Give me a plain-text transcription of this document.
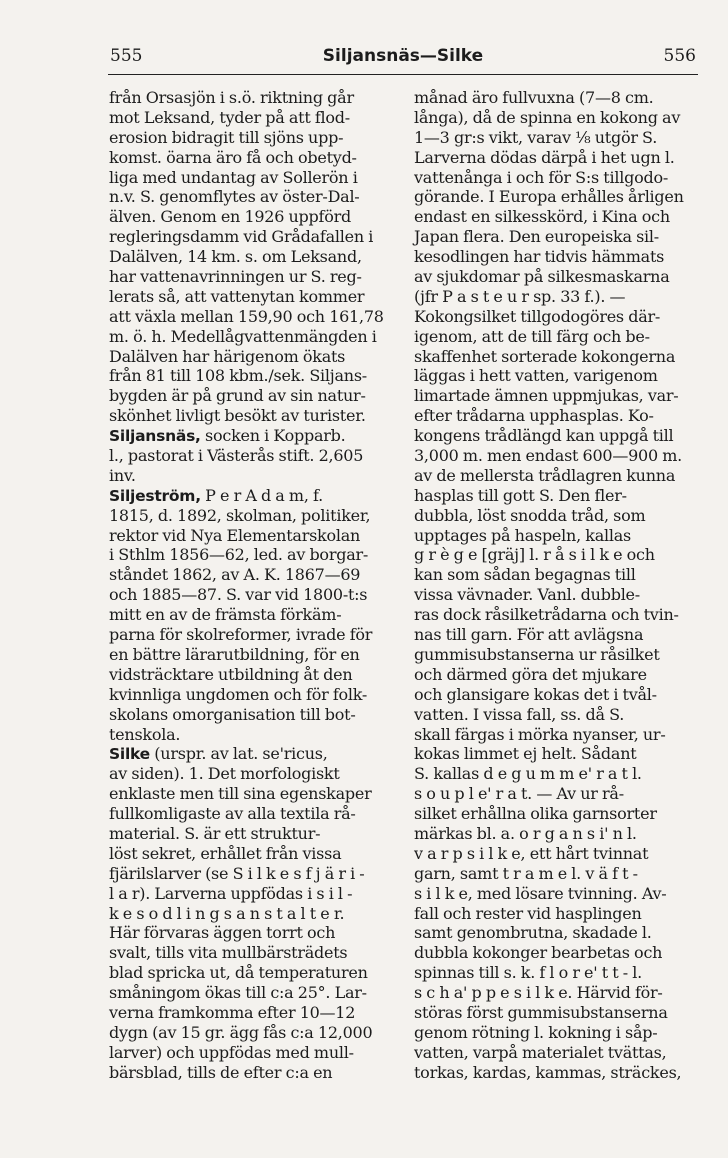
555	Siljansnäs—Silke	556
från Orsasjön i s.ö. riktning går
mot Leksand, tyder på att flod-
erosion bidragit till sjöns upp-
komst. öarna äro få och obetyd-
liga med undantag av Sollerön i
n.v. S. genomflytes av öster-Dal-
älven. Genom en 1926 uppförd
regleringsdamm vid Grådafallen i
Dalälven, 14 km. s. om Leksand,
har vattenavrinningen ur S. reg-
lerats så, att vattenytan kommer
att växla mellan 159,90 och 161,78
m. ö. h. Medellågvattenmängden i
Dalälven har härigenom ökats
från 81 till 108 kbm./sek. Siljans-
bygden är på grund av sin natur-
skönhet livligt besökt av turister.
Siljansnäs, socken i Kopparb.
l., pastorat i Västerås stift. 2,605
inv.
Siljeström, P e r A d a m, f.
1815, d. 1892, skolman, politiker,
rektor vid Nya Elementarskolan
i Sthlm 1856—62, led. av borgar-
ståndet 1862, av A. K. 1867—69
och 1885—87. S. var vid 1800-t:s
mitt en av de främsta förkäm-
parna för skolreformer, ivrade för
en bättre lärarutbildning, för en
vidsträcktare utbildning åt den
kvinnliga ungdomen och för folk-
skolans omorganisation till bot-
tenskola.
Silke (urspr. av lat. se'ricus,
av siden). 1. Det morfologiskt
enklaste men till sina egenskaper
fullkomligaste av alla textila rå-
material. S. är ett struktur-
löst sekret, erhållet från vissa
fjärilslarver (se S i l k e s f j ä r i -
l a r). Larverna uppfödas i s i l -
k e s o d l i n g s a n s t a l t e r.
Här förvaras äggen torrt och
svalt, tills vita mullbärsträdets
blad spricka ut, då temperaturen
småningom ökas till c:a 25°. Lar-
verna framkomma efter 10—12
dygn (av 15 gr. ägg fås c:a 12,000
larver) och uppfödas med mull-
bärsblad, tills de efter c:a en
månad äro fullvuxna (7—8 cm.
långa), då de spinna en kokong av
1—3 gr:s vikt, varav ⅛ utgör S.
Larverna dödas därpå i het ugn l.
vattenånga i och för S:s tillgodo-
görande. I Europa erhålles årligen
endast en silkesskörd, i Kina och
Japan flera. Den europeiska sil-
kesodlingen har tidvis hämmats
av sjukdomar på silkesmaskarna
(jfr P a s t e u r sp. 33 f.). —
Kokongsilket tillgodogöres där-
igenom, att de till färg och be-
skaffenhet sorterade kokongerna
läggas i hett vatten, varigenom
limartade ämnen uppmjukas, var-
efter trådarna upphasplas. Ko-
kongens trådlängd kan uppgå till
3,000 m. men endast 600—900 m.
av de mellersta trådlagren kunna
hasplas till gott S. Den fler-
dubbla, löst snodda tråd, som
upptages på haspeln, kallas
g r è g e [gräj] l. r å s i l k e och
kan som sådan begagnas till
vissa vävnader. Vanl. dubble-
ras dock råsilketrådarna och tvin-
nas till garn. För att avlägsna
gummisubstanserna ur råsilket
och därmed göra det mjukare
och glansigare kokas det i tvål-
vatten. I vissa fall, ss. då S.
skall färgas i mörka nyanser, ur-
kokas limmet ej helt. Sådant
S. kallas d e g u m m e' r a t l.
s o u p l e' r a t. — Av ur rå-
silket erhållna olika garnsorter
märkas bl. a. o r g a n s i' n l.
v a r p s i l k e, ett hårt tvinnat
garn, samt t r a m e l. v ä f t -
s i l k e, med lösare tvinning. Av-
fall och rester vid hasplingen
samt genombrutna, skadade l.
dubbla kokonger bearbetas och
spinnas till s. k. f l o r e' t t - l.
s c h a' p p e s i l k e. Härvid för-
störas först gummisubstanserna
genom rötning l. kokning i såp-
vatten, varpå materialet tvättas,
torkas, kardas, kammas, sträckes,
